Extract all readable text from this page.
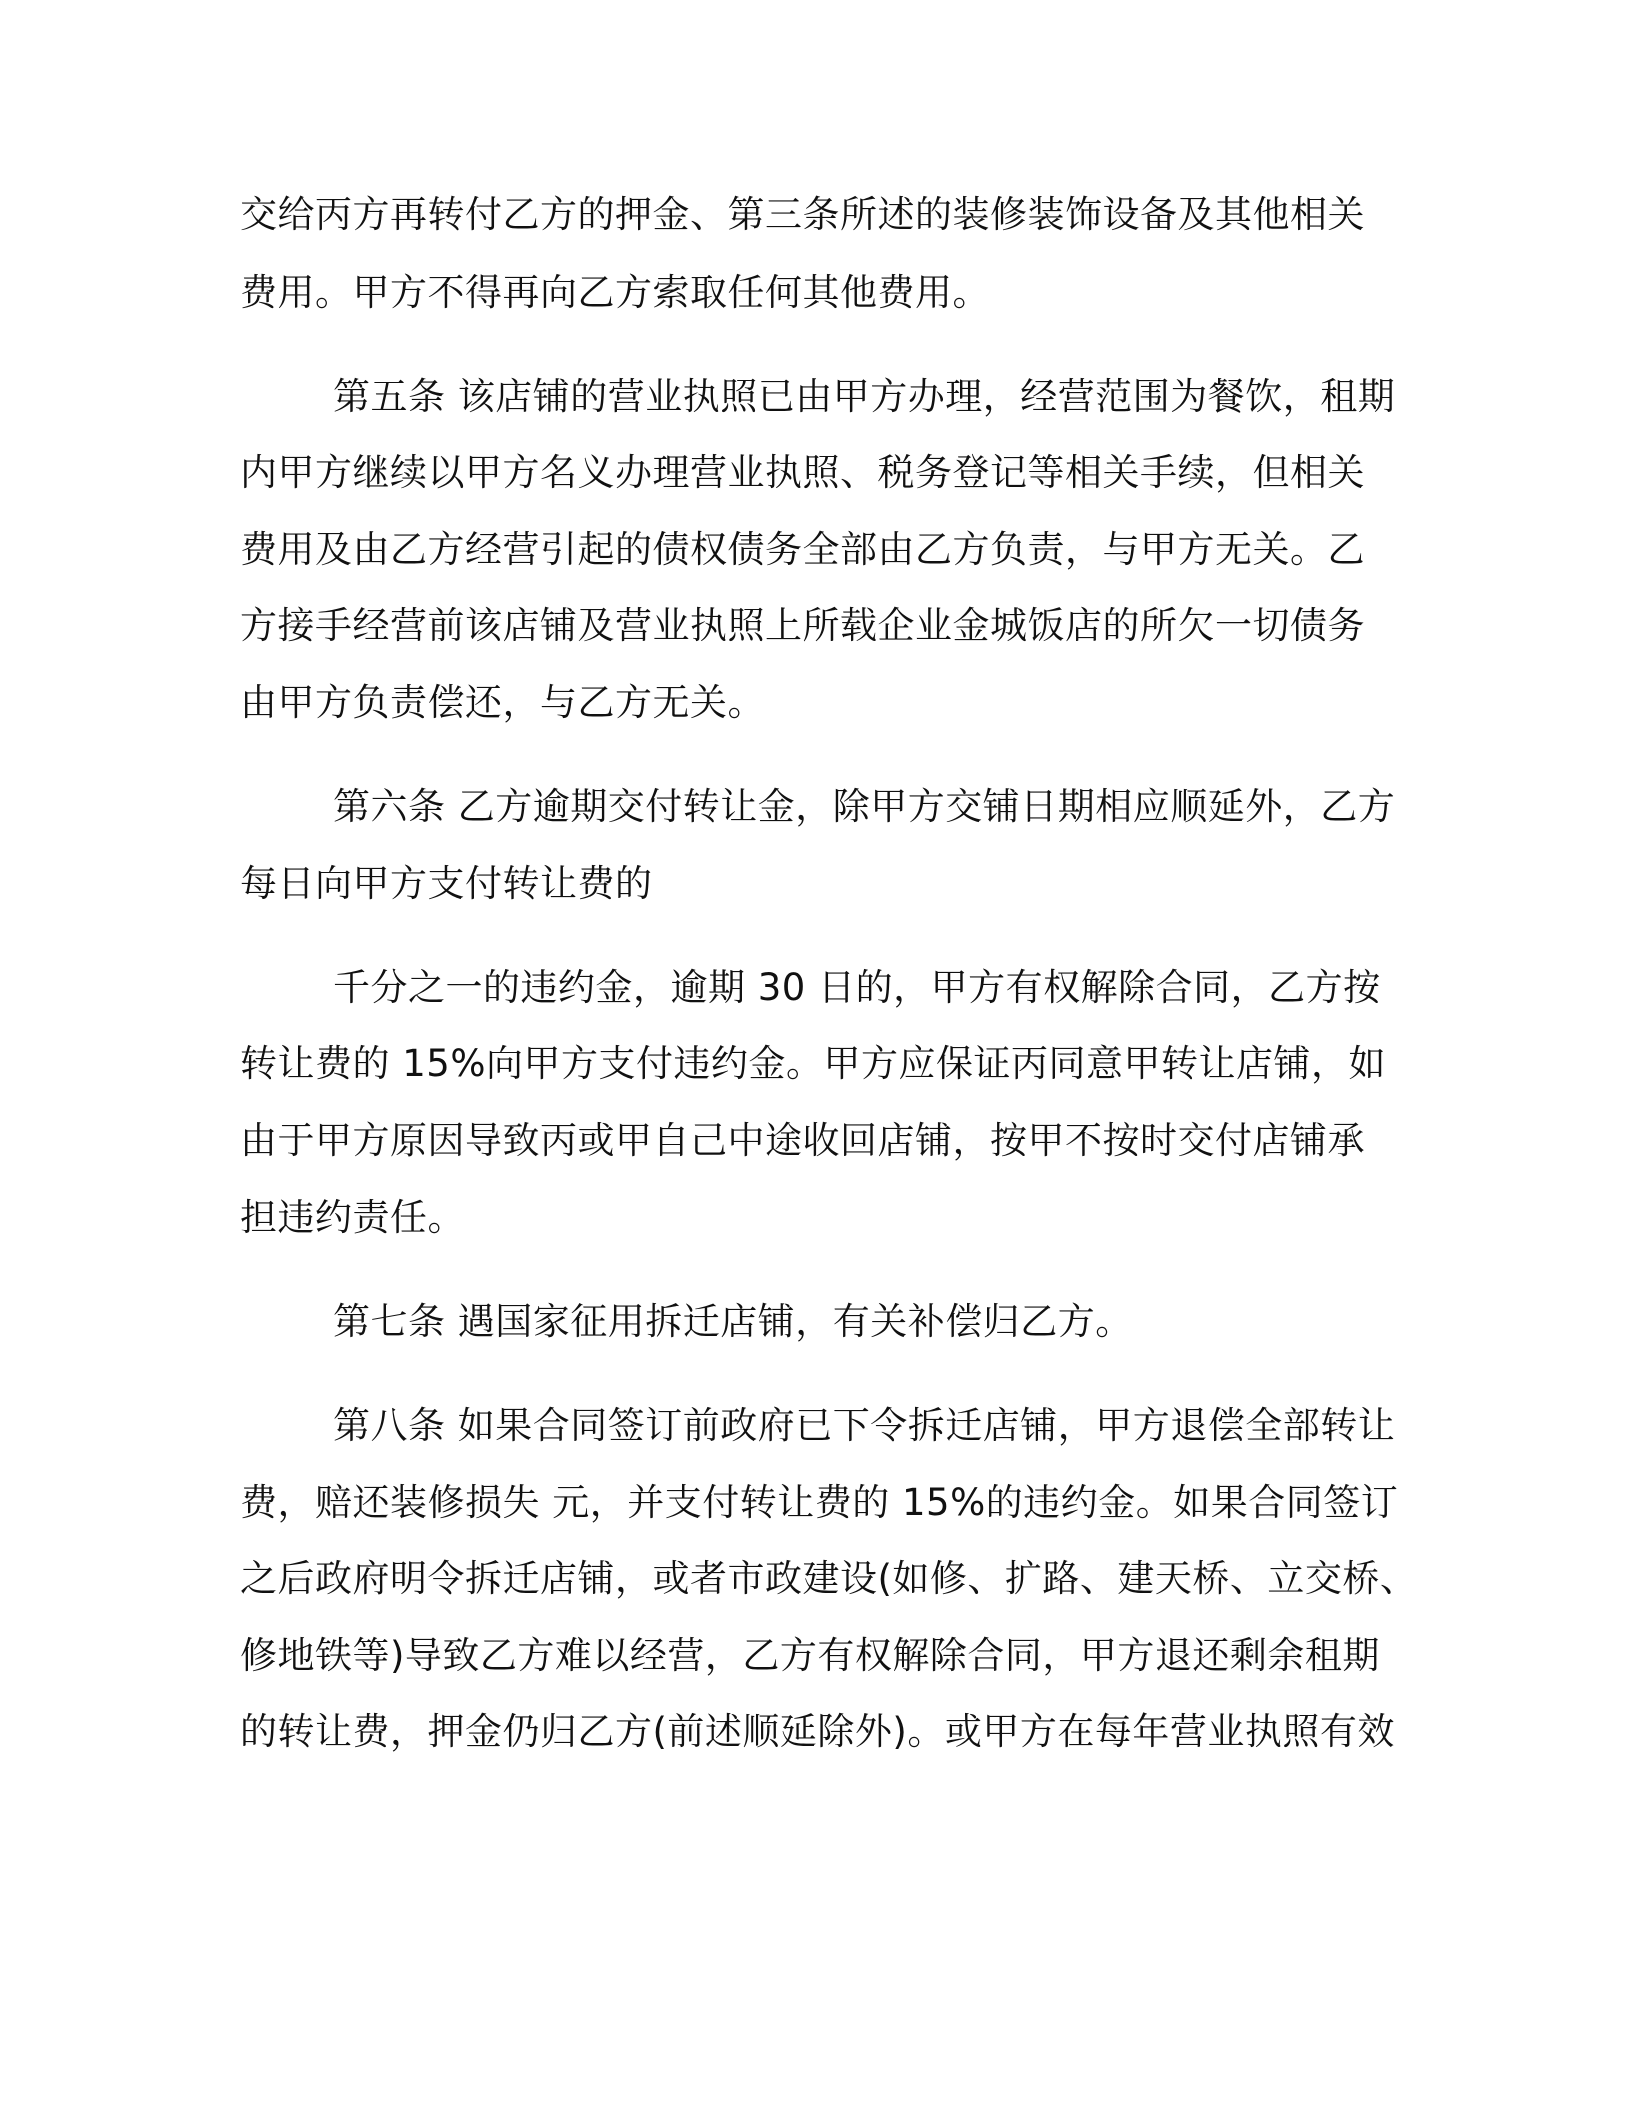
交给丙方再转付乙方的押金、第三条所述的装修装饰设备及其他相关

费用。甲方不得再向乙方索取任何其他费用。

第五条 该店铺的营业执照已由甲方办理，经营范围为餐饮，租期

内甲方继续以甲方名义办理营业执照、税务登记等相关手续，但相关

费用及由乙方经营引起的债权债务全部由乙方负责，与甲方无关。乙

方接手经营前该店铺及营业执照上所载企业金城饭店的所欠一切债务

由甲方负责偿还，与乙方无关。

第六条 乙方逾期交付转让金，除甲方交铺日期相应顺延外，乙方

每日向甲方支付转让费的

千分之一的违约金，逾期 30 日的，甲方有权解除合同，乙方按

转让费的 15%向甲方支付违约金。甲方应保证丙同意甲转让店铺，如

由于甲方原因导致丙或甲自己中途收回店铺，按甲不按时交付店铺承

担违约责任。

第七条 遇国家征用拆迁店铺，有关补偿归乙方。

第八条 如果合同签订前政府已下令拆迁店铺，甲方退偿全部转让

费，赔还装修损失 元，并支付转让费的 15%的违约金。如果合同签订

之后政府明令拆迁店铺，或者市政建设(如修、扩路、建天桥、立交桥、

修地铁等)导致乙方难以经营，乙方有权解除合同，甲方退还剩余租期

的转让费，押金仍归乙方(前述顺延除外)。或甲方在每年营业执照有效
